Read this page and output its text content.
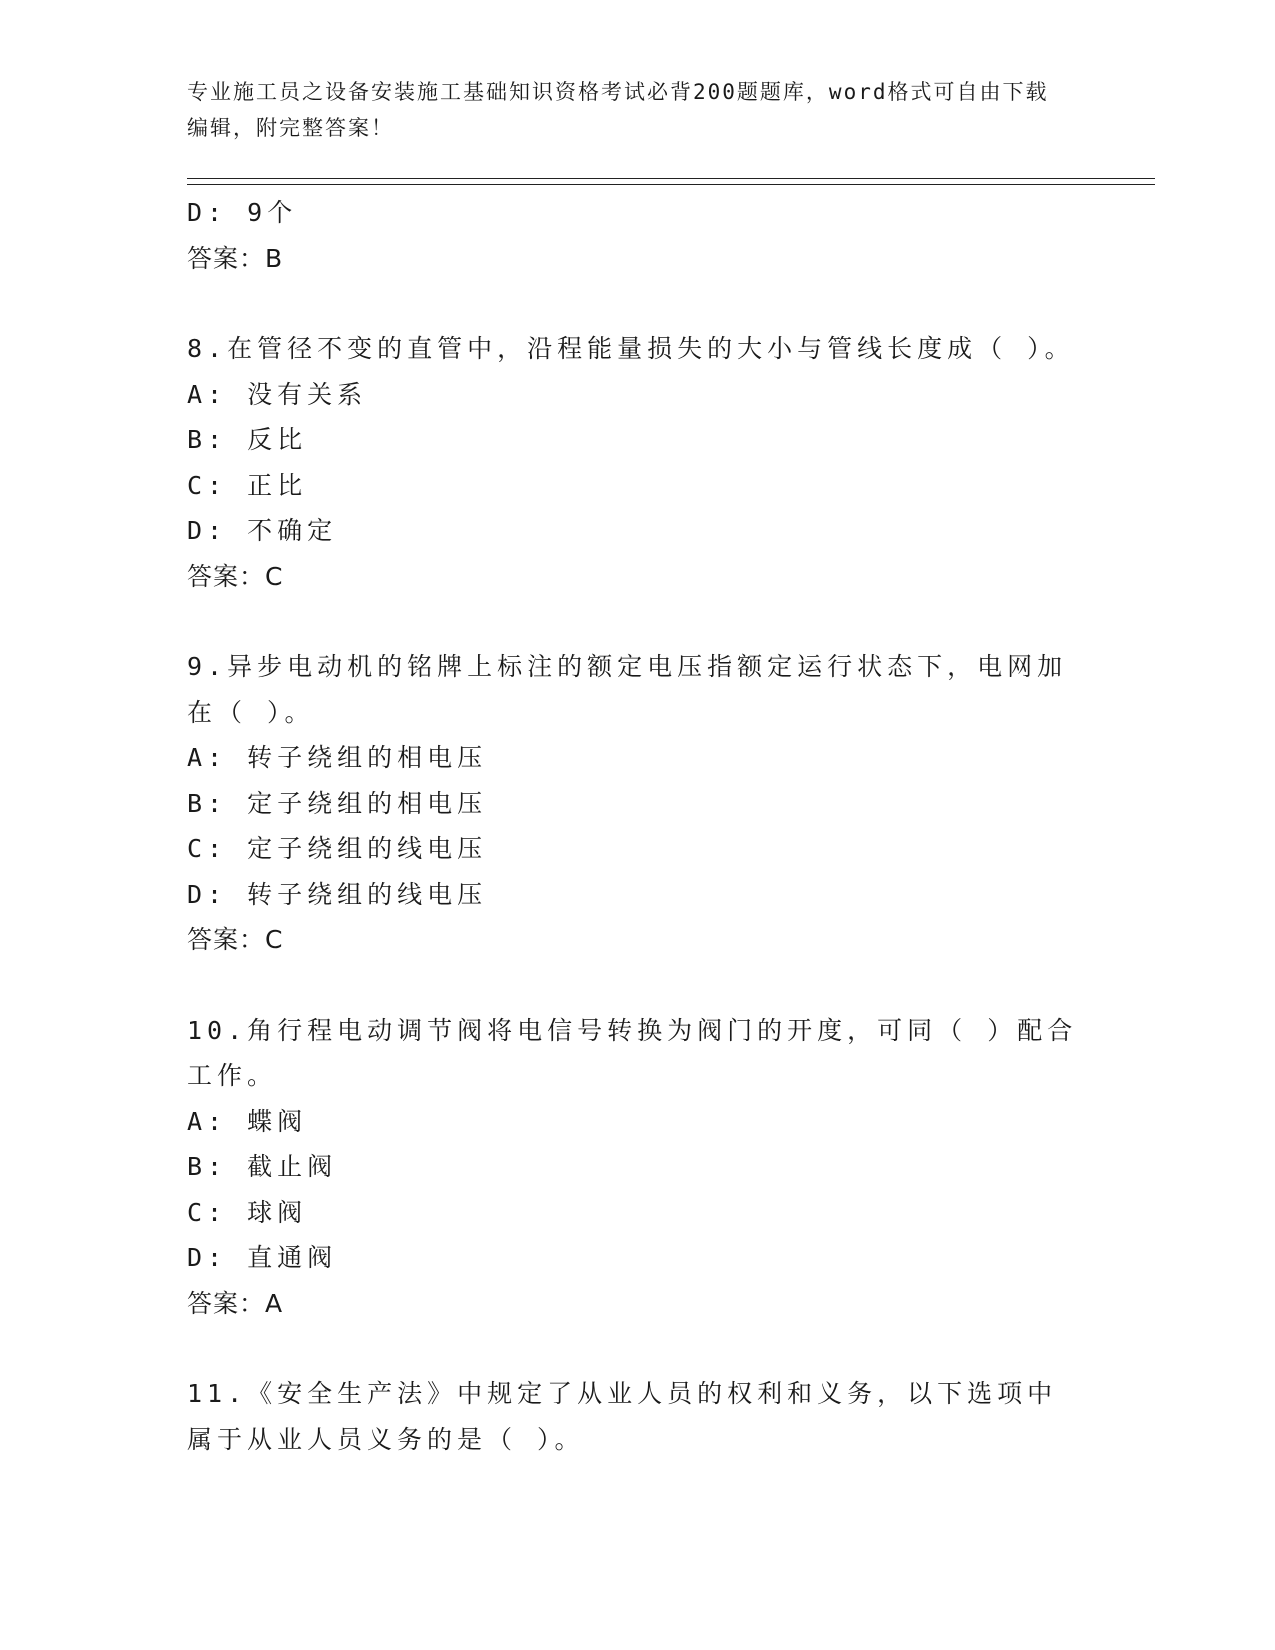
专业施工员之设备安装施工基础知识资格考试必背200题题库，word格式可自由下载编辑，附完整答案！
D: 9个
答案：B
8.在管径不变的直管中，沿程能量损失的大小与管线长度成（ ）。
A: 没有关系
B: 反比
C: 正比
D: 不确定
答案：C
9.异步电动机的铭牌上标注的额定电压指额定运行状态下，电网加在（ ）。
A: 转子绕组的相电压
B: 定子绕组的相电压
C: 定子绕组的线电压
D: 转子绕组的线电压
答案：C
10.角行程电动调节阀将电信号转换为阀门的开度，可同（ ）配合工作。
A: 蝶阀
B: 截止阀
C: 球阀
D: 直通阀
答案：A
11.《安全生产法》中规定了从业人员的权利和义务，以下选项中属于从业人员义务的是（ ）。
